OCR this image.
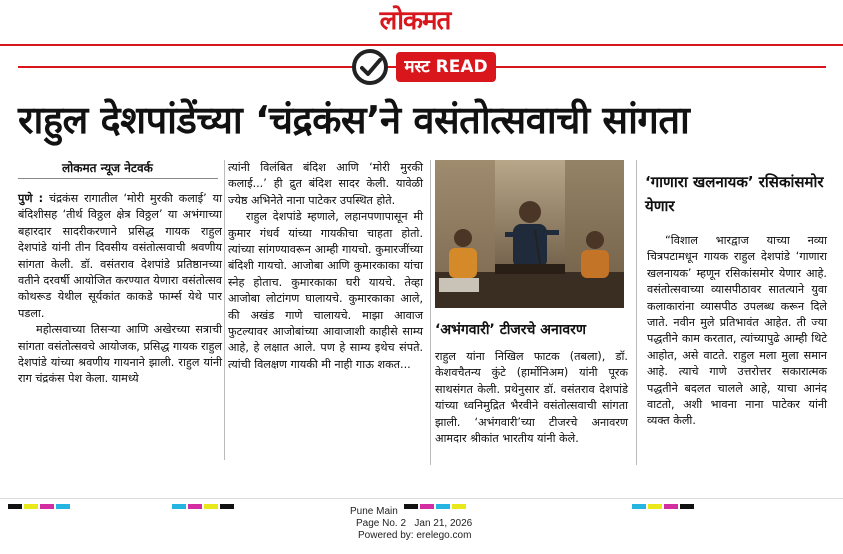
लोकमत
मस्ट READ
राहुल देशपांडेंच्या ‘चंद्रकंस’ने वसंतोत्सवाची सांगता
लोकमत न्यूज नेटवर्क

पुणे : चंद्रकंस रागातील ‘मोरी मुरकी कलाई’ या बंदिशीसह ‘तीर्थ विठ्ठल क्षेत्र विठ्ठल’ या अभंगाच्या बहारदार सादरीकरणाने प्रसिद्ध गायक राहुल देशपांडे यांनी तीन दिवसीय वसंतोत्सवाची श्रवणीय सांगता केली. डॉ. वसंतराव देशपांडे प्रतिष्ठानच्या वतीने दरवर्षी आयोजित करण्यात येणारा वसंतोत्सव कोथरूड येथील सूर्यकांत काकडे फार्म्स येथे पार पडला.

महोत्सवाच्या तिसऱ्या आणि अखेरच्या सत्राची सांगता वसंतोत्सवचे आयोजक, प्रसिद्ध गायक राहुल देशपांडे यांच्या श्रवणीय गायनाने झाली. राहुल यांनी राग चंद्रकंस पेश केला. यामध्ये

त्यांनी विलंबित बंदिश आणि ‘मोरी मुरकी कलाई...’ ही द्रुत बंदिश सादर केली. यावेळी ज्येष्ठ अभिनेते नाना पाटेकर उपस्थित होते.

राहुल देशपांडे म्हणाले, लहानपणापासून मी कुमार गंधर्व यांच्या गायकीचा चाहता होतो. त्यांच्या सांगण्यावरून आम्ही गायचो. कुमारजींच्या बंदिशी गायचो. आजोबा आणि कुमारकाका यांचा स्नेह होताच. कुमारकाका घरी यायचे. तेव्हा आजोबा लोटांगण घालायचे. कुमारकाका आले, की अखंड गाणे चालायचे. माझा आवाज फुटल्यावर आजोबांच्या आवाजाशी काहीसे साम्य आहे, हे लक्षात आले. पण हे साम्य इथेच संपते. त्यांची विलक्षण गायकी मी नाही गाऊ शकत...

‘अभंगवारी’ टीजरचे अनावरण

राहुल यांना निखिल फाटक (तबला), डॉ. केशवचैतन्य कुंटे (हार्मोनिअम) यांनी पूरक साथसंगत केली. प्रथेनुसार डॉ. वसंतराव देशपांडे यांच्या ध्वनिमुद्रित भैरवीने वसंतोत्सवाची सांगता झाली. ‘अभंगवारी’च्या टीजरचे अनावरण आमदार श्रीकांत भारतीय यांनी केले.

‘गाणारा खलनायक’ रसिकांसमोर येणार

“विशाल भारद्वाज याच्या नव्या चित्रपटामधून गायक राहुल देशपांडे ‘गाणारा खलनायक’ म्हणून रसिकांसमोर येणार आहे. वसंतोत्सवाच्या व्यासपीठावर सातत्याने युवा कलाकारांना व्यासपीठ उपलब्ध करून दिले जाते. नवीन मुले प्रतिभावंत आहेत. ती ज्या पद्धतीने काम करतात, त्यांच्यापुढे आम्ही थिटे आहोत, असे वाटते. राहुल मला मुला समान आहे. त्याचे गाणे उत्तरोत्तर सकारात्मक पद्धतीने बदलत चालले आहे, याचा आनंद वाटतो, अशी भावना नाना पाटेकर यांनी व्यक्त केली.

Pune Main
Page No. 2 Jan 21, 2026
Powered by: erelego.com
